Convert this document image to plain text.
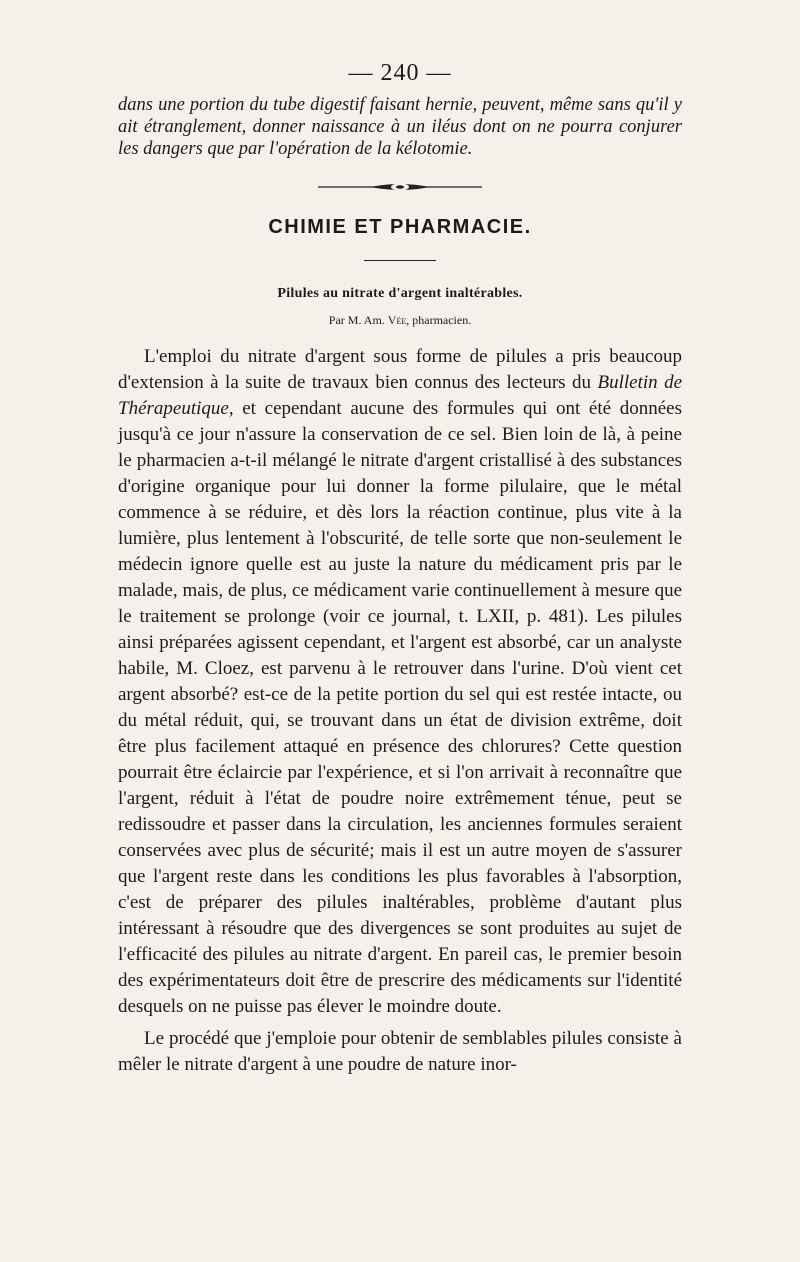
— 240 —

dans une portion du tube digestif faisant hernie, peuvent, même sans qu'il y ait étranglement, donner naissance à un iléus dont on ne pourra conjurer les dangers que par l'opération de la kélotomie.

CHIMIE ET PHARMACIE.
Pilules au nitrate d'argent inaltérables.

Par M. Am. Vée, pharmacien.

L'emploi du nitrate d'argent sous forme de pilules a pris beaucoup d'extension à la suite de travaux bien connus des lecteurs du Bulletin de Thérapeutique, et cependant aucune des formules qui ont été données jusqu'à ce jour n'assure la conservation de ce sel. Bien loin de là, à peine le pharmacien a-t-il mélangé le nitrate d'argent cristallisé à des substances d'origine organique pour lui donner la forme pilulaire, que le métal commence à se réduire, et dès lors la réaction continue, plus vite à la lumière, plus lentement à l'obscurité, de telle sorte que non-seulement le médecin ignore quelle est au juste la nature du médicament pris par le malade, mais, de plus, ce médicament varie continuellement à mesure que le traitement se prolonge (voir ce journal, t. LXII, p. 481). Les pilules ainsi préparées agissent cependant, et l'argent est absorbé, car un analyste habile, M. Cloez, est parvenu à le retrouver dans l'urine. D'où vient cet argent absorbé? est-ce de la petite portion du sel qui est restée intacte, ou du métal réduit, qui, se trouvant dans un état de division extrême, doit être plus facilement attaqué en présence des chlorures? Cette question pourrait être éclaircie par l'expérience, et si l'on arrivait à reconnaître que l'argent, réduit à l'état de poudre noire extrêmement ténue, peut se redissoudre et passer dans la circulation, les anciennes formules seraient conservées avec plus de sécurité; mais il est un autre moyen de s'assurer que l'argent reste dans les conditions les plus favorables à l'absorption, c'est de préparer des pilules inaltérables, problème d'autant plus intéressant à résoudre que des divergences se sont produites au sujet de l'efficacité des pilules au nitrate d'argent. En pareil cas, le premier besoin des expérimentateurs doit être de prescrire des médicaments sur l'identité desquels on ne puisse pas élever le moindre doute.

Le procédé que j'emploie pour obtenir de semblables pilules consiste à mêler le nitrate d'argent à une poudre de nature inor-
